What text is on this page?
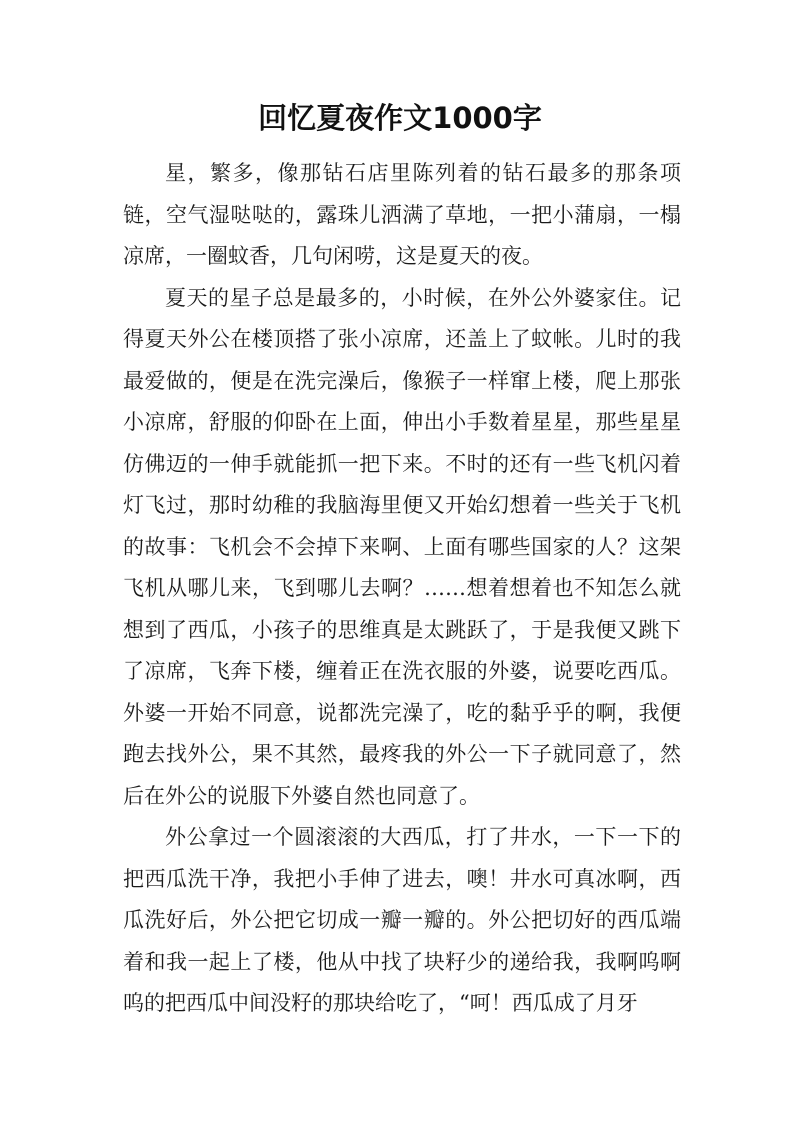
回忆夏夜作文1000字

星，繁多，像那钻石店里陈列着的钻石最多的那条项链，空气湿哒哒的，露珠儿洒满了草地，一把小蒲扇，一榻凉席，一圈蚊香，几句闲唠，这是夏天的夜。

夏天的星子总是最多的，小时候，在外公外婆家住。记得夏天外公在楼顶搭了张小凉席，还盖上了蚊帐。儿时的我最爱做的，便是在洗完澡后，像猴子一样窜上楼，爬上那张小凉席，舒服的仰卧在上面，伸出小手数着星星，那些星星仿佛迈的一伸手就能抓一把下来。不时的还有一些飞机闪着灯飞过，那时幼稚的我脑海里便又开始幻想着一些关于飞机的故事：飞机会不会掉下来啊、上面有哪些国家的人？这架飞机从哪儿来，飞到哪儿去啊？……想着想着也不知怎么就想到了西瓜，小孩子的思维真是太跳跃了，于是我便又跳下了凉席，飞奔下楼，缠着正在洗衣服的外婆，说要吃西瓜。外婆一开始不同意，说都洗完澡了，吃的黏乎乎的啊，我便跑去找外公，果不其然，最疼我的外公一下子就同意了，然后在外公的说服下外婆自然也同意了。

外公拿过一个圆滚滚的大西瓜，打了井水，一下一下的把西瓜洗干净，我把小手伸了进去，噢！井水可真冰啊，西瓜洗好后，外公把它切成一瓣一瓣的。外公把切好的西瓜端着和我一起上了楼，他从中找了块籽少的递给我，我啊呜啊呜的把西瓜中间没籽的那块给吃了，“呵！西瓜成了月牙
